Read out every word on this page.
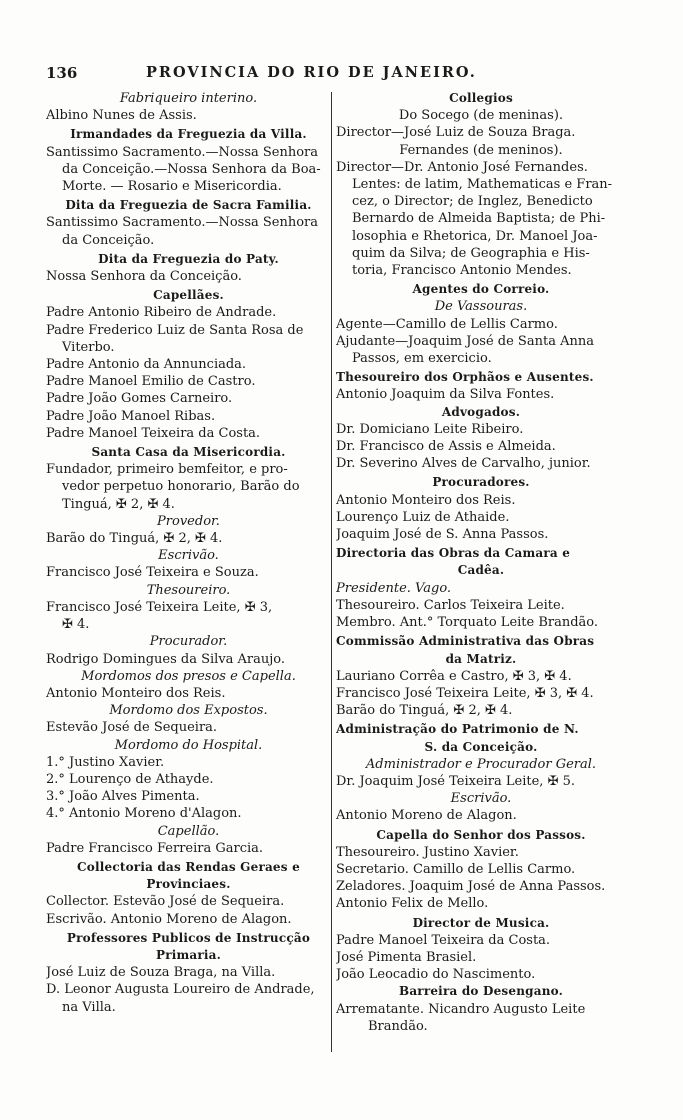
136	PROVINCIA DO RIO DE JANEIRO.
Fabriqueiro interino.
Albino Nunes de Assis.
Irmandades da Freguezia da Villa.
Santissimo Sacramento.—Nossa Senhora
da Conceição.—Nossa Senhora da Boa-
Morte. — Rosario e Misericordia.
Dita da Freguezia de Sacra Familia.
Santissimo Sacramento.—Nossa Senhora
da Conceição.
Dita da Freguezia do Paty.
Nossa Senhora da Conceição.
Capellães.
Padre Antonio Ribeiro de Andrade.
Padre Frederico Luiz de Santa Rosa de
Viterbo.
Padre Antonio da Annunciada.
Padre Manoel Emilio de Castro.
Padre João Gomes Carneiro.
Padre João Manoel Ribas.
Padre Manoel Teixeira da Costa.
Santa Casa da Misericordia.
Fundador, primeiro bemfeitor, e pro-
vedor perpetuo honorario, Barão do
Tinguá, ✠ 2, ✠ 4.
Provedor.
Barão do Tinguá, ✠ 2, ✠ 4.
Escrivão.
Francisco José Teixeira e Souza.
Thesoureiro.
Francisco José Teixeira Leite, ✠ 3,
✠ 4.
Procurador.
Rodrigo Domingues da Silva Araujo.
Mordomos dos presos e Capella.
Antonio Monteiro dos Reis.
Mordomo dos Expostos.
Estevão José de Sequeira.
Mordomo do Hospital.
1.° Justino Xavier.
2.° Lourenço de Athayde.
3.° João Alves Pimenta.
4.° Antonio Moreno d'Alagon.
Capellão.
Padre Francisco Ferreira Garcia.
Collectoria das Rendas Geraes e
Provinciaes.
Collector. Estevão José de Sequeira.
Escrivão. Antonio Moreno de Alagon.
Professores Publicos de Instrucção
Primaria.
José Luiz de Souza Braga, na Villa.
D. Leonor Augusta Loureiro de Andrade,
na Villa.
Collegios
Do Socego (de meninas).
Director—José Luiz de Souza Braga.
Fernandes (de meninos).
Director—Dr. Antonio José Fernandes.
Lentes: de latim, Mathematicas e Fran-
cez, o Director; de Inglez, Benedicto
Bernardo de Almeida Baptista; de Phi-
losophia e Rhetorica, Dr. Manoel Joa-
quim da Silva; de Geographia e His-
toria, Francisco Antonio Mendes.
Agentes do Correio.
De Vassouras.
Agente—Camillo de Lellis Carmo.
Ajudante—Joaquim José de Santa Anna
Passos, em exercicio.
Thesoureiro dos Orphãos e Ausentes.
Antonio Joaquim da Silva Fontes.
Advogados.
Dr. Domiciano Leite Ribeiro.
Dr. Francisco de Assis e Almeida.
Dr. Severino Alves de Carvalho, junior.
Procuradores.
Antonio Monteiro dos Reis.
Lourenço Luiz de Athaide.
Joaquim José de S. Anna Passos.
Directoria das Obras da Camara e
Cadêa.
Presidente. Vago.
Thesoureiro. Carlos Teixeira Leite.
Membro. Ant.° Torquato Leite Brandão.
Commissão Administrativa das Obras
da Matriz.
Lauriano Corrêa e Castro, ✠ 3, ✠ 4.
Francisco José Teixeira Leite, ✠ 3, ✠ 4.
Barão do Tinguá, ✠ 2, ✠ 4.
Administração do Patrimonio de N.
S. da Conceição.
Administrador e Procurador Geral.
Dr. Joaquim José Teixeira Leite, ✠ 5.
Escrivão.
Antonio Moreno de Alagon.
Capella do Senhor dos Passos.
Thesoureiro. Justino Xavier.
Secretario. Camillo de Lellis Carmo.
Zeladores. Joaquim José de Anna Passos.
Antonio Felix de Mello.
Director de Musica.
Padre Manoel Teixeira da Costa.
José Pimenta Brasiel.
João Leocadio do Nascimento.
Barreira do Desengano.
Arrematante. Nicandro Augusto Leite
Brandão.
